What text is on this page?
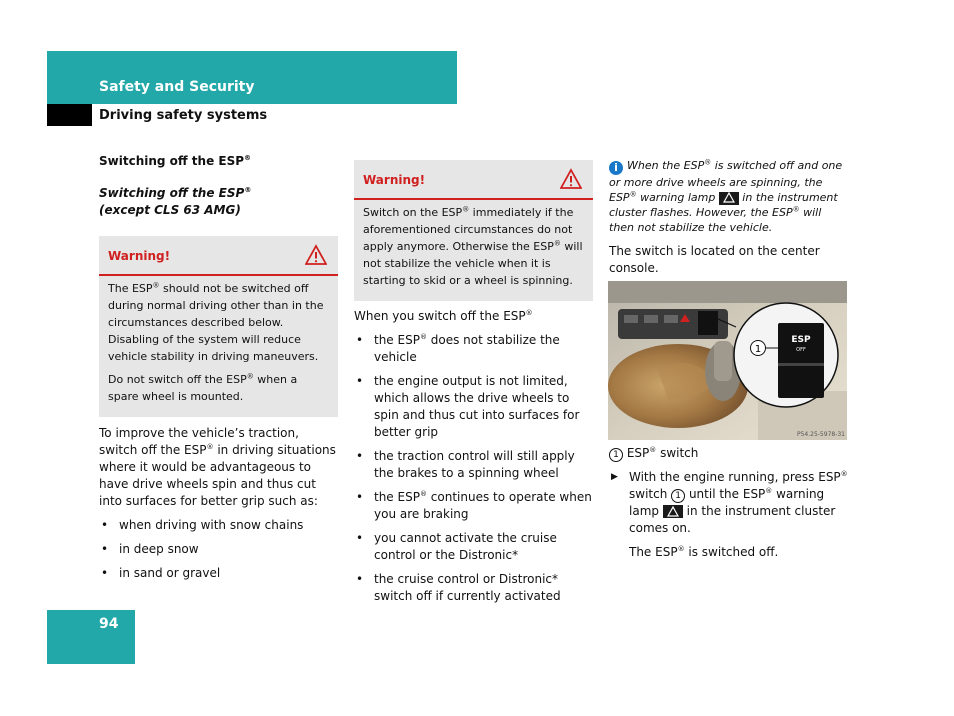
Safety and Security
Driving safety systems
Switching off the ESP®
Switching off the ESP®
(except CLS 63 AMG)
Warning!

The ESP® should not be switched off during normal driving other than in the circumstances described below. Disabling of the system will reduce vehicle stability in driving maneuvers.

Do not switch off the ESP® when a spare wheel is mounted.

To improve the vehicle’s traction, switch off the ESP® in driving situations where it would be advantageous to have drive wheels spin and thus cut into surfaces for better grip such as:
• when driving with snow chains
• in deep snow
• in sand or gravel
Warning!

Switch on the ESP® immediately if the aforementioned circumstances do not apply anymore. Otherwise the ESP® will not stabilize the vehicle when it is starting to skid or a wheel is spinning.

When you switch off the ESP®
• the ESP® does not stabilize the vehicle
• the engine output is not limited, which allows the drive wheels to spin and thus cut into surfaces for better grip
• the traction control will still apply the brakes to a spinning wheel
• the ESP® continues to operate when you are braking
• you cannot activate the cruise control or the Distronic*
• the cruise control or Distronic* switch off if currently activated
i When the ESP® is switched off and one or more drive wheels are spinning, the ESP® warning lamp  in the instrument cluster flashes. However, the ESP® will then not stabilize the vehicle.
The switch is located on the center console.
ESP
OFF
1
P54.25-5978-31
1 ESP® switch
▶ With the engine running, press ESP® switch 1 until the ESP® warning lamp  in the instrument cluster comes on.
The ESP® is switched off.
94
